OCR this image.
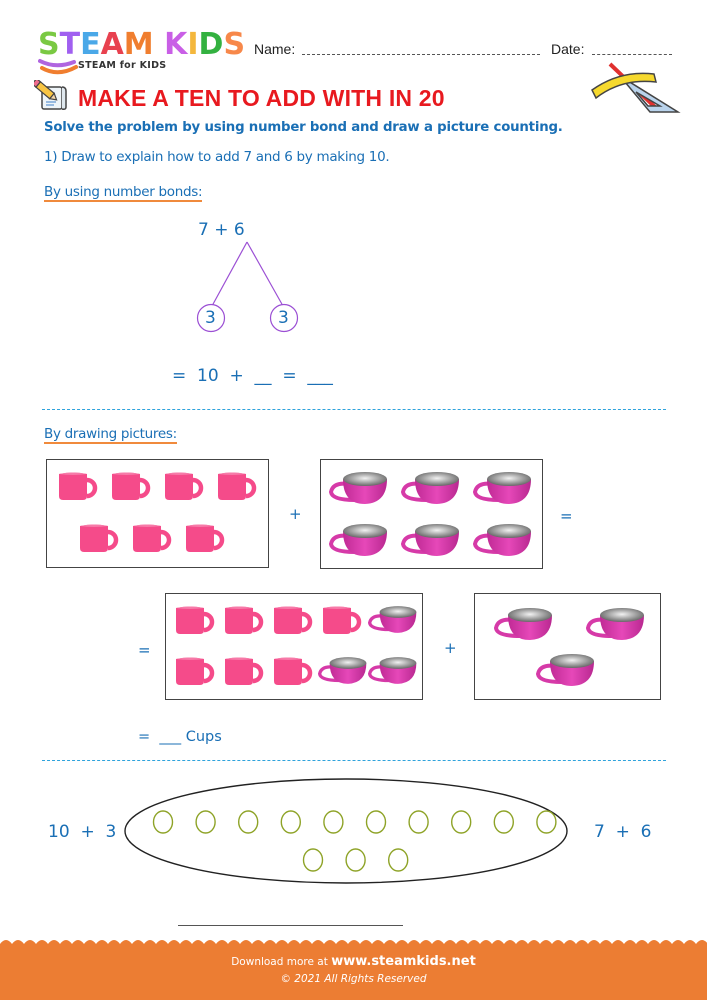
STEAM KIDS
STEAM for KIDS
Name:	Date:
MAKE A TEN TO ADD WITH IN 20
Solve the problem by using number bond and draw a picture counting.
1) Draw to explain how to add 7 and 6 by making 10.
By using number bonds:
7 + 6
3	3
=  10  +  __  =  ___
By drawing pictures:
+	=
=	+
=  ___ Cups
10  +  3	7  +  6
Download more at www.steamkids.net
© 2021 All Rights Reserved
